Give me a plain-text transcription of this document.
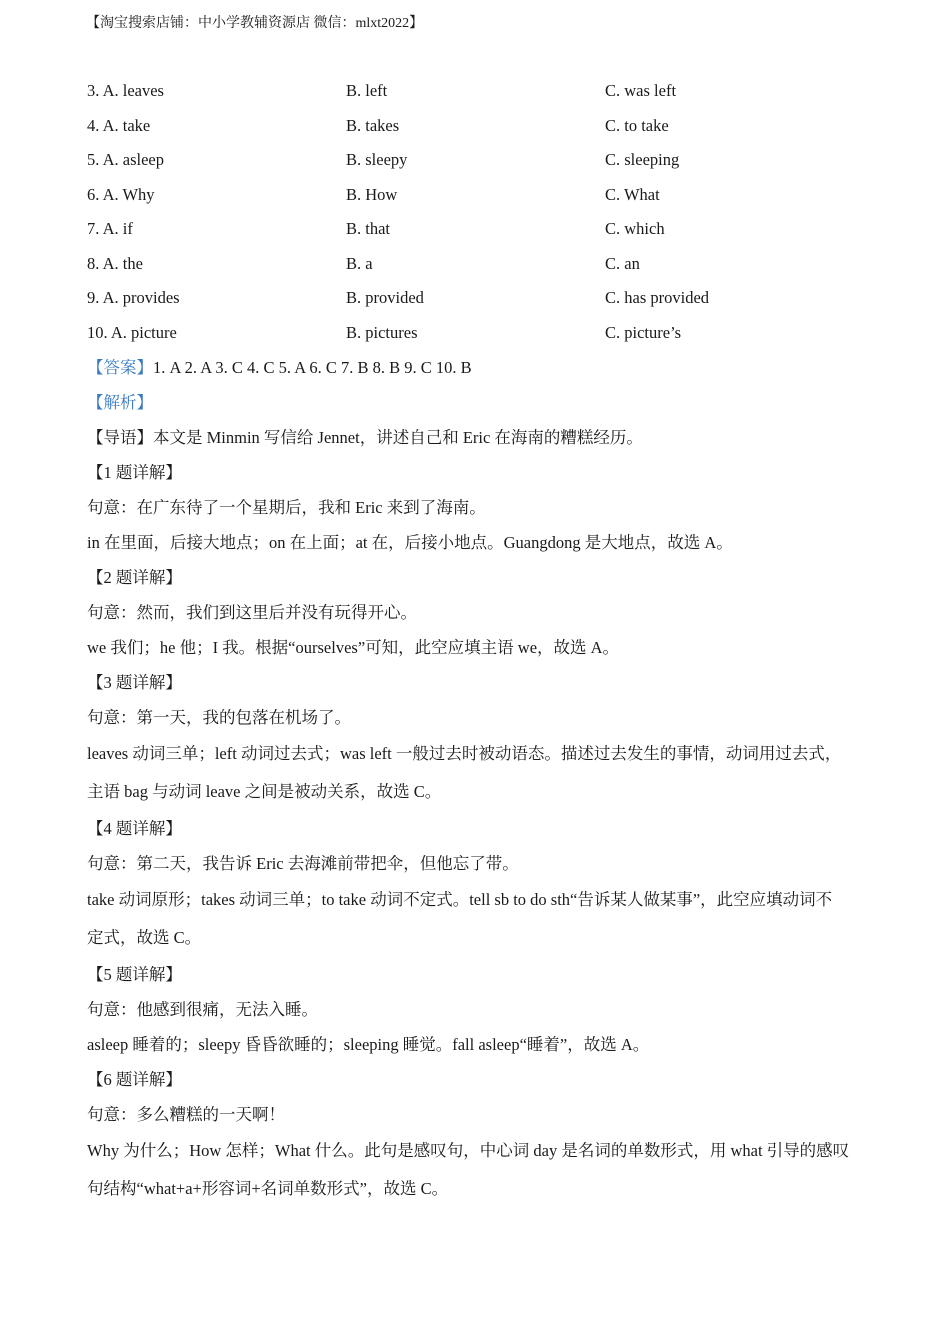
【淘宝搜索店铺：中小学教辅资源店 微信：mlxt2022】
3. A. leaves	B. left	C. was left
4. A. take	B. takes	C. to take
5. A. asleep	B. sleepy	C. sleeping
6. A. Why	B. How	C. What
7. A. if	B. that	C. which
8. A. the	B. a	C. an
9. A. provides	B. provided	C. has provided
10. A. picture	B. pictures	C. picture’s
【答案】1. A 2. A 3. C 4. C 5. A 6. C 7. B 8. B 9. C 10. B
【解析】
【导语】本文是 Minmin 写信给 Jennet，讲述自己和 Eric 在海南的糟糕经历。
【1 题详解】
句意：在广东待了一个星期后，我和 Eric 来到了海南。
in 在里面，后接大地点；on 在上面；at 在，后接小地点。Guangdong 是大地点，故选 A。
【2 题详解】
句意：然而，我们到这里后并没有玩得开心。
we 我们；he 他；I 我。根据“ourselves”可知，此空应填主语 we，故选 A。
【3 题详解】
句意：第一天，我的包落在机场了。
leaves 动词三单；left 动词过去式；was left 一般过去时被动语态。描述过去发生的事情，动词用过去式，
主语 bag 与动词 leave 之间是被动关系，故选 C。
【4 题详解】
句意：第二天，我告诉 Eric 去海滩前带把伞，但他忘了带。
take 动词原形；takes 动词三单；to take 动词不定式。tell sb to do sth“告诉某人做某事”，此空应填动词不
定式，故选 C。
【5 题详解】
句意：他感到很痛，无法入睡。
asleep 睡着的；sleepy 昏昏欲睡的；sleeping 睡觉。fall asleep“睡着”，故选 A。
【6 题详解】
句意：多么糟糕的一天啊！
Why 为什么；How 怎样；What 什么。此句是感叹句，中心词 day 是名词的单数形式，用 what 引导的感叹
句结构“what+a+形容词+名词单数形式”，故选 C。
